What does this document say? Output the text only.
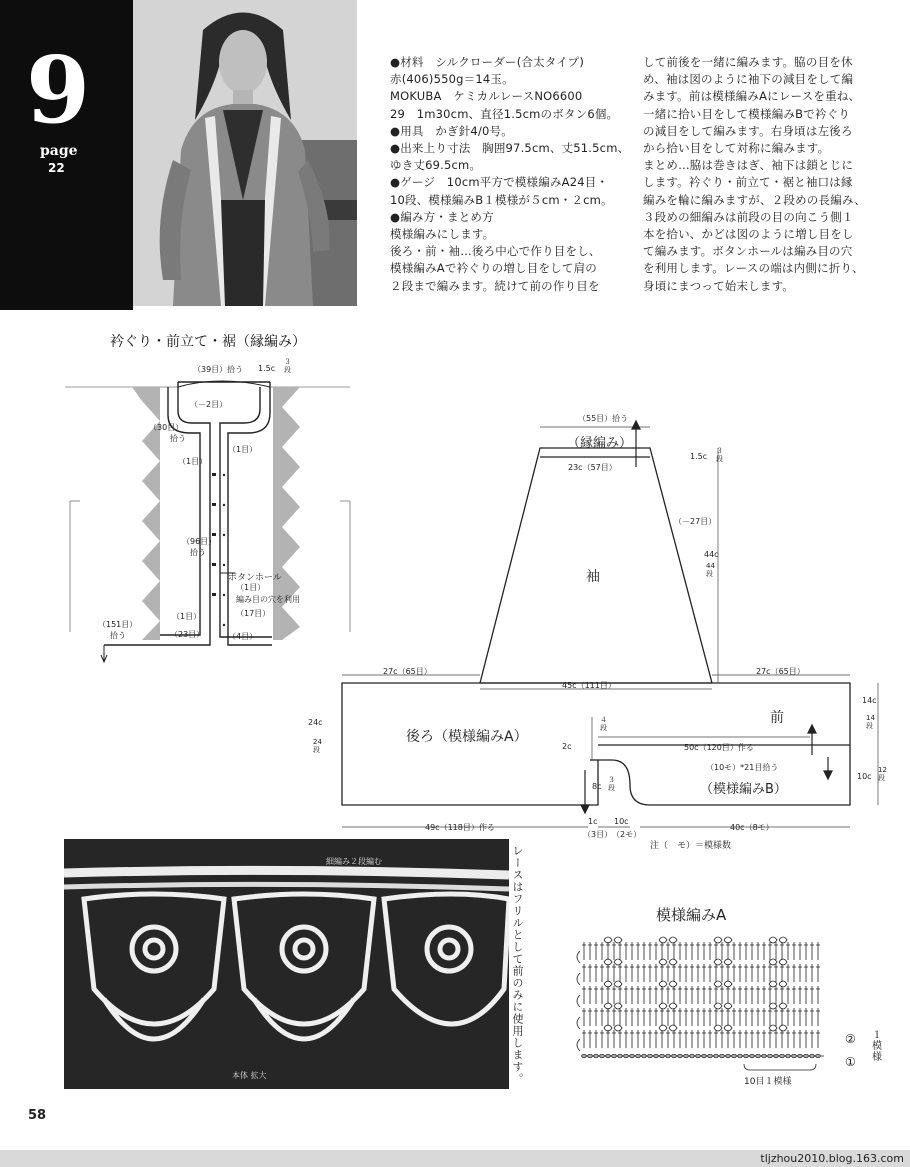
9
page
22

●材料　シルクローダー(合太タイプ)

赤(406)550g＝14玉。

MOKUBA　ケミカルレースNO6600

29　1m30cm、直径1.5cmのボタン6個。

●用具　かぎ針4/0号。

●出来上り寸法　胸囲97.5cm、丈51.5cm、

ゆき丈69.5cm。

●ゲージ　10cm平方で模様編みA24目・

10段、模様編みB１模様が５cm・２cm。

●編み方・まとめ方

模様編みにします。

後ろ・前・袖…後ろ中心で作り目をし、

模様編みAで衿ぐりの増し目をして肩の

２段まで編みます。続けて前の作り目を

して前後を一緒に編みます。脇の目を休

め、袖は図のように袖下の減目をして編

みます。前は模様編みAにレースを重ね、

一緒に拾い目をして模様編みBで衿ぐり

の減目をして編みます。右身頃は左後ろ

から拾い目をして対称に編みます。

まとめ…脇は巻きはぎ、袖下は鎖とじに

します。衿ぐり・前立て・裾と袖口は縁

編みを輪に編みますが、２段めの長編み、

３段めの細編みは前段の目の向こう側１

本を拾い、かどは図のように増し目をし

て編みます。ボタンホールは編み目の穴

を利用します。レースの端は内側に折り、

身頃にまつって始末します。

衿ぐり・前立て・裾（縁編み）
（39目）拾う 1.5c
３段
（－2目）
（30目）
拾う
（1目）
（1目）
（96目）
拾う
ボタンホール
（1目）
編み目の穴を利用
（17目）
（151目）
拾う
（1目）
（23目）	（4目）
（55目）拾う
（縁編み）
23c（57目）
1.5c
３段
（－27目）
44c
44段
袖
27c（65目）
45c（111目）
27c（65目）
14c
14段
24c
24段
後ろ（模様編みA）
前
４段
2c	50c（120目）作る
（10モ）*21目拾う
（模様編みB）
8c
３段
10c
12段
49c（118目）作る
1c
（3目）
10c
（2モ）
40c（8モ）
注（　モ）＝模様数
細編み２段編む
本体 拡大	レースはフリルとして前のみに使用します。	模様編みA
②
①
１模様
10目１模様
58
tljzhou2010.blog.163.com
